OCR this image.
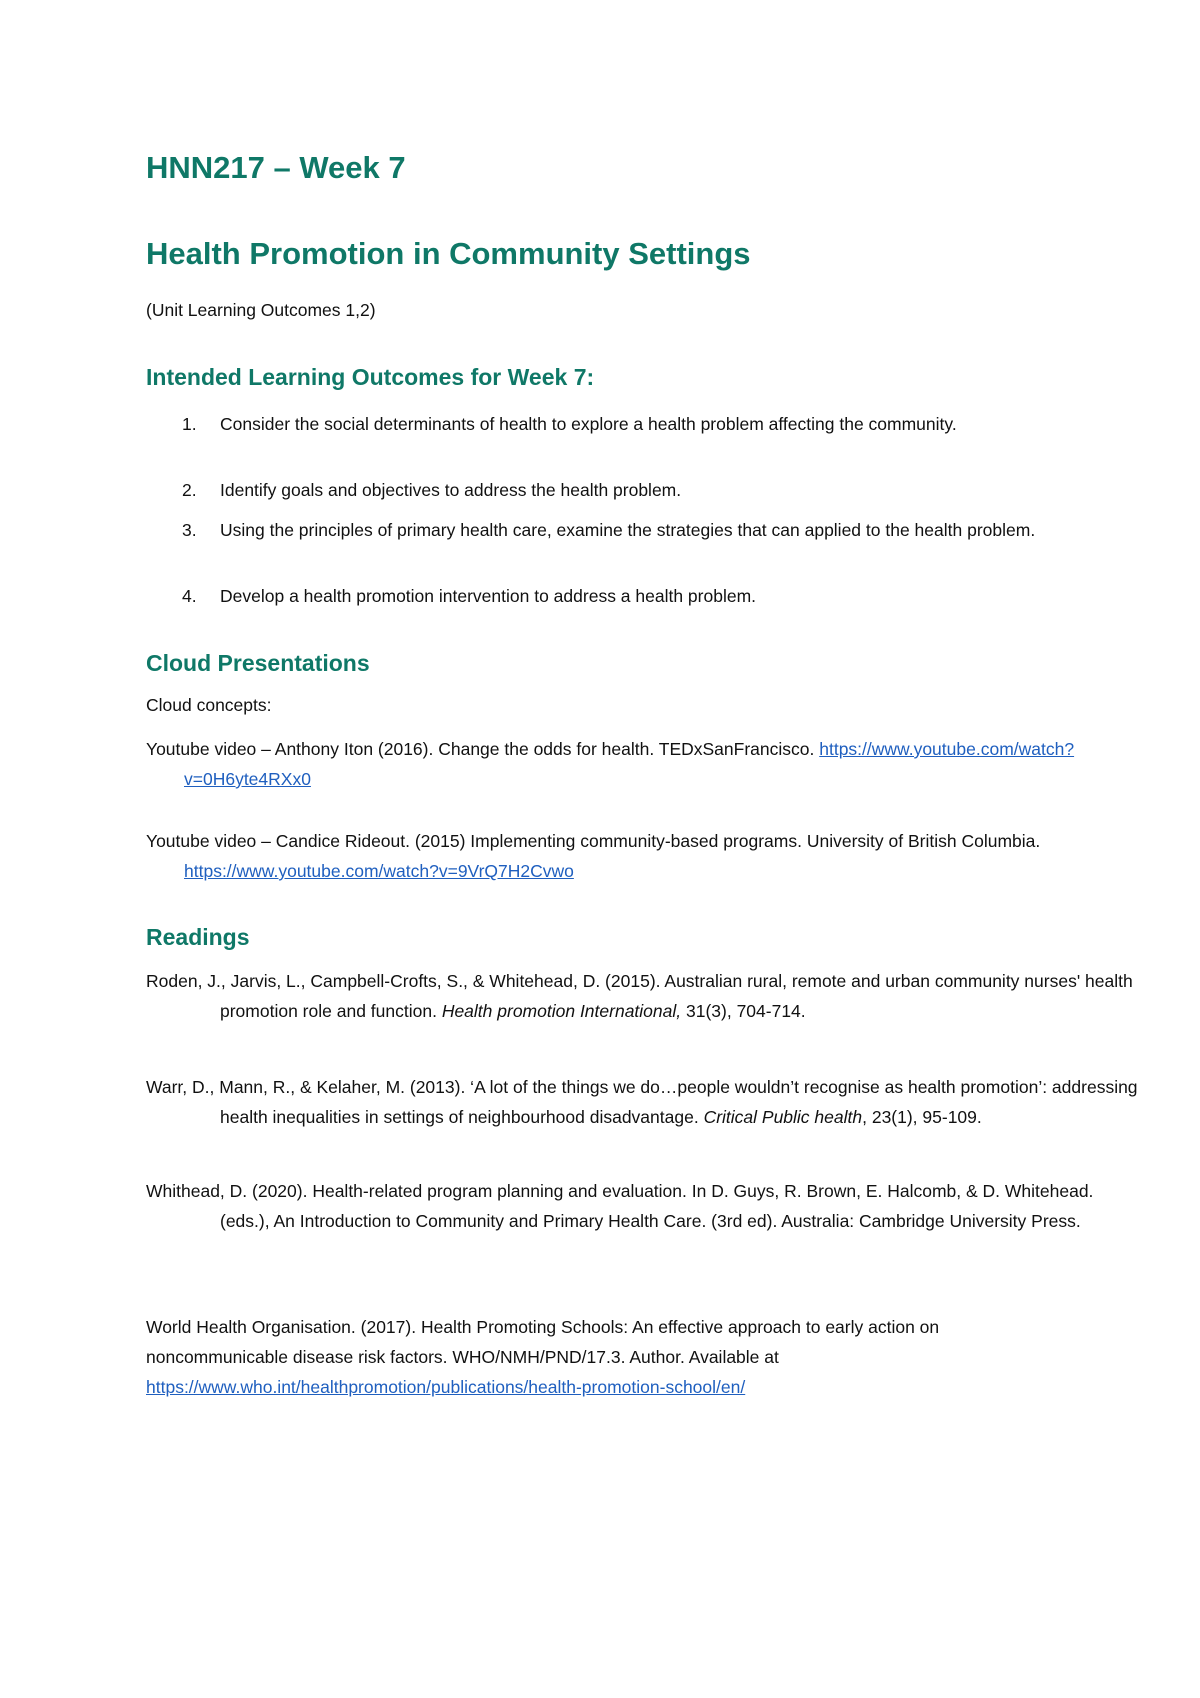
HNN217 – Week 7
Health Promotion in Community Settings

(Unit Learning Outcomes 1,2)

Intended Learning Outcomes for Week 7:
1. Consider the social determinants of health to explore a health problem affecting the community.
2. Identify goals and objectives to address the health problem.
3. Using the principles of primary health care, examine the strategies that can applied to the health problem.
4. Develop a health promotion intervention to address a health problem.
Cloud Presentations

Cloud concepts:

Youtube video – Anthony Iton (2016). Change the odds for health. TEDxSanFrancisco. https://www.youtube.com/watch?v=0H6yte4RXx0

Youtube video – Candice Rideout. (2015) Implementing community-based programs. University of British Columbia. https://www.youtube.com/watch?v=9VrQ7H2Cvwo

Readings

Roden, J., Jarvis, L., Campbell-Crofts, S., & Whitehead, D. (2015). Australian rural, remote and urban community nurses' health promotion role and function. Health promotion International, 31(3), 704-714.

Warr, D., Mann, R., & Kelaher, M. (2013). ‘A lot of the things we do…people wouldn’t recognise as health promotion’: addressing health inequalities in settings of neighbourhood disadvantage. Critical Public health, 23(1), 95-109.

Whithead, D. (2020). Health-related program planning and evaluation. In D. Guys, R. Brown, E. Halcomb, & D. Whitehead. (eds.), An Introduction to Community and Primary Health Care. (3rd ed). Australia: Cambridge University Press.

World Health Organisation. (2017). Health Promoting Schools: An effective approach to early action on noncommunicable disease risk factors. WHO/NMH/PND/17.3. Author. Available at https://www.who.int/healthpromotion/publications/health-promotion-school/en/
